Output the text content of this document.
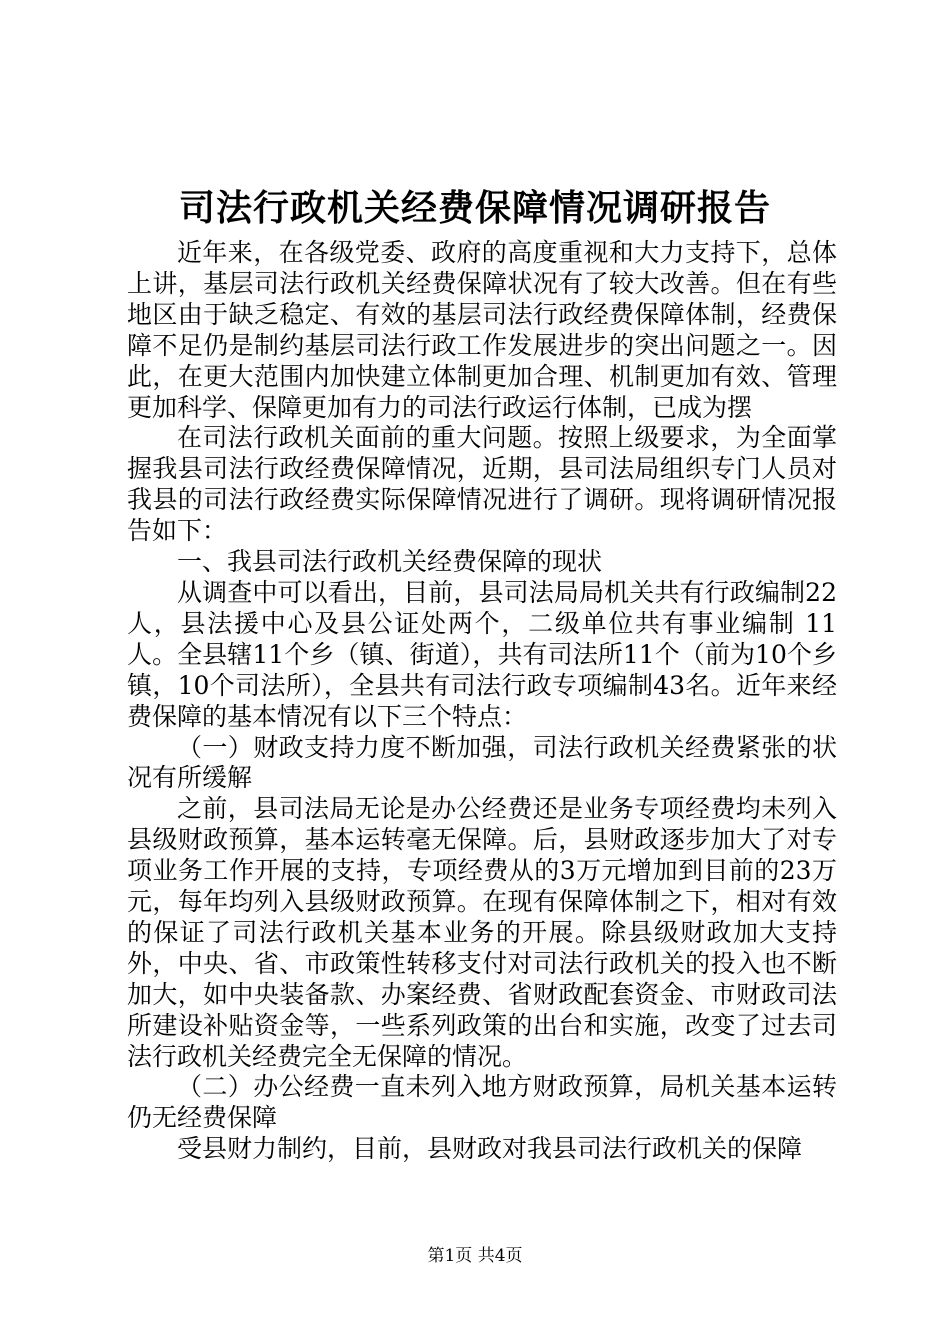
司法行政机关经费保障情况调研报告

近年来，在各级党委、政府的高度重视和大力支持下，总体上讲，基层司法行政机关经费保障状况有了较大改善。但在有些地区由于缺乏稳定、有效的基层司法行政经费保障体制，经费保障不足仍是制约基层司法行政工作发展进步的突出问题之一。因此，在更大范围内加快建立体制更加合理、机制更加有效、管理更加科学、保障更加有力的司法行政运行体制，已成为摆

在司法行政机关面前的重大问题。按照上级要求，为全面掌握我县司法行政经费保障情况，近期，县司法局组织专门人员对我县的司法行政经费实际保障情况进行了调研。现将调研情况报告如下：

一、我县司法行政机关经费保障的现状

从调查中可以看出，目前，县司法局局机关共有行政编制22人，县法援中心及县公证处两个，二级单位共有事业编制 11人。全县辖11个乡（镇、街道），共有司法所11个（前为10个乡镇，10个司法所），全县共有司法行政专项编制43名。近年来经费保障的基本情况有以下三个特点：

（一）财政支持力度不断加强，司法行政机关经费紧张的状况有所缓解

之前，县司法局无论是办公经费还是业务专项经费均未列入县级财政预算，基本运转毫无保障。后，县财政逐步加大了对专项业务工作开展的支持，专项经费从的3万元增加到目前的23万元，每年均列入县级财政预算。在现有保障体制之下，相对有效的保证了司法行政机关基本业务的开展。除县级财政加大支持外，中央、省、市政策性转移支付对司法行政机关的投入也不断加大，如中央装备款、办案经费、省财政配套资金、市财政司法所建设补贴资金等，一些系列政策的出台和实施，改变了过去司法行政机关经费完全无保障的情况。

（二）办公经费一直未列入地方财政预算，局机关基本运转仍无经费保障

受县财力制约，目前，县财政对我县司法行政机关的保障

第1页 共4页
